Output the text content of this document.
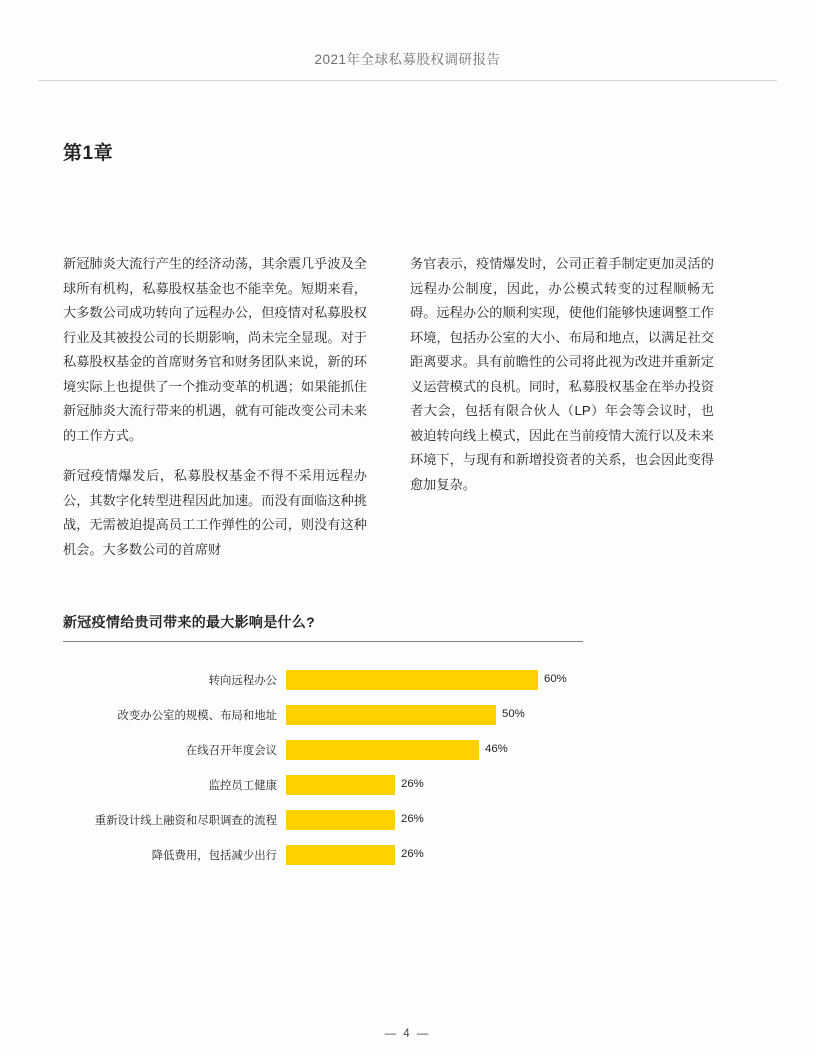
2021年全球私募股权调研报告
第1章

新冠肺炎大流行产生的经济动荡，其余震几乎波及全球所有机构，私募股权基金也不能幸免。短期来看，大多数公司成功转向了远程办公，但疫情对私募股权行业及其被投公司的长期影响，尚未完全显现。对于私募股权基金的首席财务官和财务团队来说，新的环境实际上也提供了一个推动变革的机遇；如果能抓住新冠肺炎大流行带来的机遇，就有可能改变公司未来的工作方式。

新冠疫情爆发后，私募股权基金不得不采用远程办公，其数字化转型进程因此加速。而没有面临这种挑战，无需被迫提高员工工作弹性的公司，则没有这种机会。大多数公司的首席财

务官表示，疫情爆发时，公司正着手制定更加灵活的远程办公制度，因此，办公模式转变的过程顺畅无碍。远程办公的顺利实现，使他们能够快速调整工作环境，包括办公室的大小、布局和地点，以满足社交距离要求。具有前瞻性的公司将此视为改进并重新定义运营模式的良机。同时，私募股权基金在举办投资者大会，包括有限合伙人（LP）年会等会议时，也被迫转向线上模式，因此在当前疫情大流行以及未来环境下，与现有和新增投资者的关系，也会因此变得愈加复杂。

新冠疫情给贵司带来的最大影响是什么?
转向远程办公	60%
改变办公室的规模、布局和地址	50%
在线召开年度会议	46%
监控员工健康	26%
重新设计线上融资和尽职调查的流程	26%
降低费用，包括减少出行	26%
— 4 —
